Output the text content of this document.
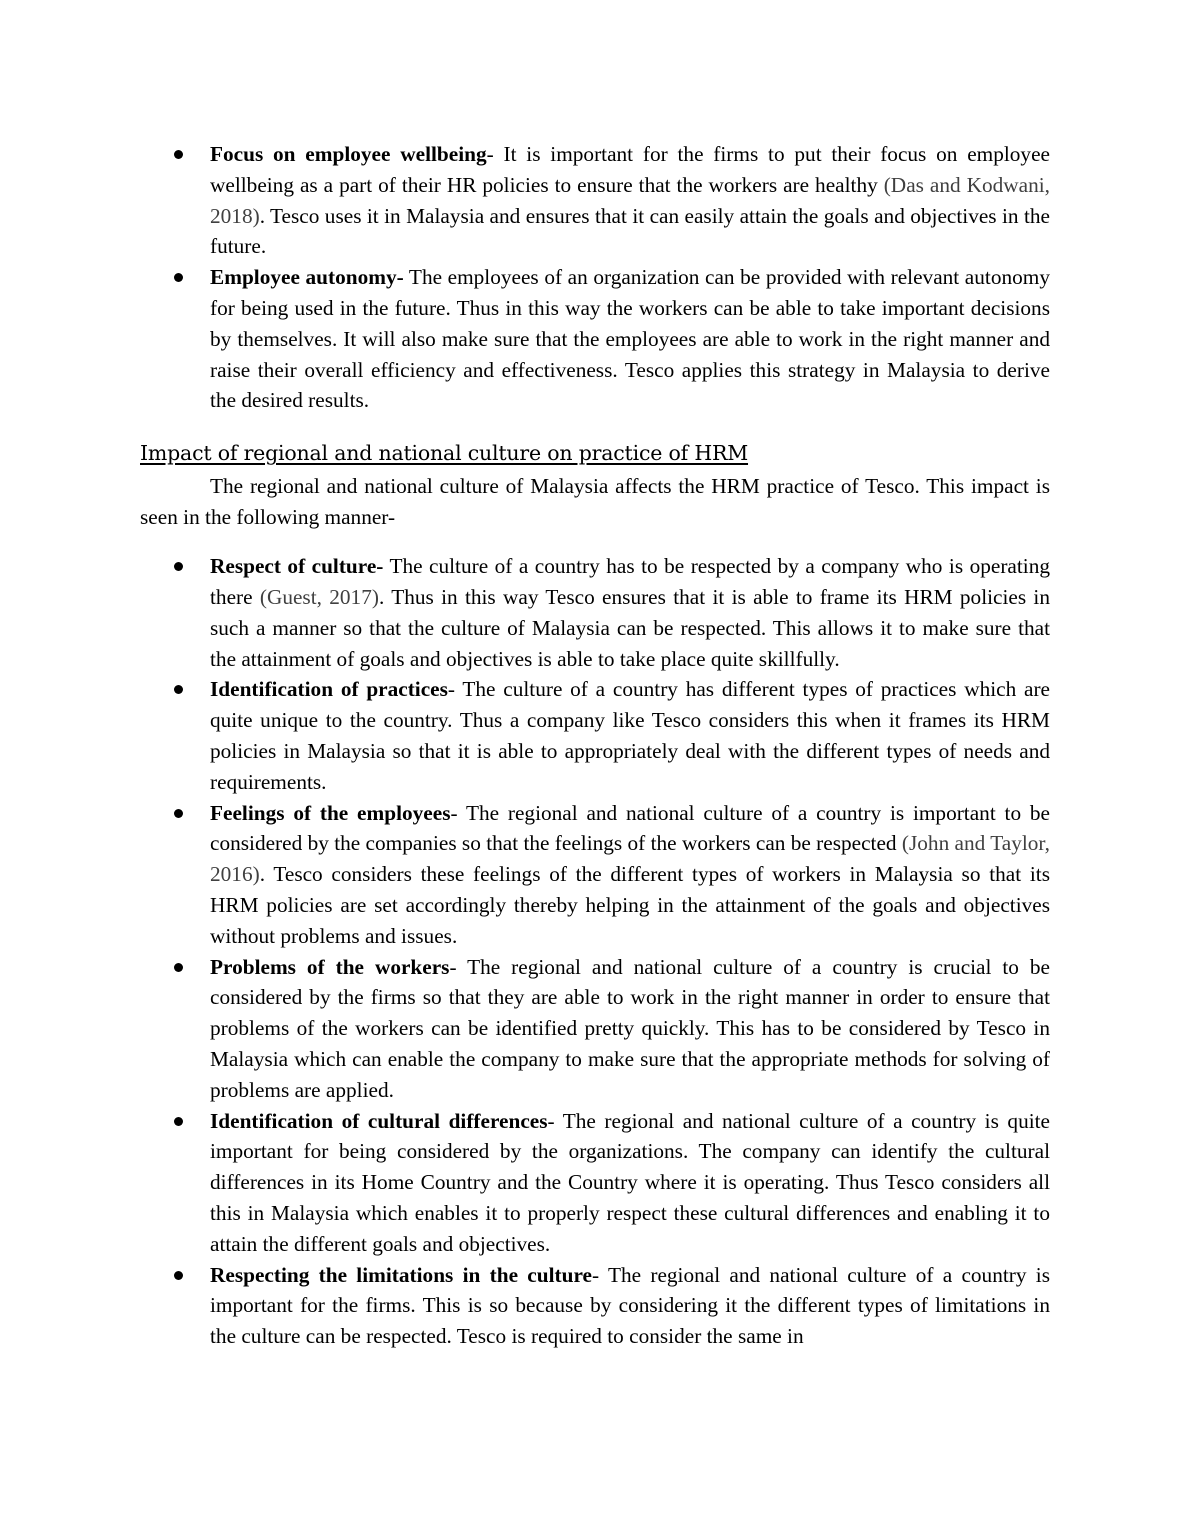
Focus on employee wellbeing- It is important for the firms to put their focus on employee wellbeing as a part of their HR policies to ensure that the workers are healthy (Das and Kodwani, 2018). Tesco uses it in Malaysia and ensures that it can easily attain the goals and objectives in the future.
Employee autonomy- The employees of an organization can be provided with relevant autonomy for being used in the future. Thus in this way the workers can be able to take important decisions by themselves. It will also make sure that the employees are able to work in the right manner and raise their overall efficiency and effectiveness. Tesco applies this strategy in Malaysia to derive the desired results.
Impact of regional and national culture on practice of HRM

The regional and national culture of Malaysia affects the HRM practice of Tesco. This impact is seen in the following manner-

Respect of culture- The culture of a country has to be respected by a company who is operating there (Guest, 2017). Thus in this way Tesco ensures that it is able to frame its HRM policies in such a manner so that the culture of Malaysia can be respected. This allows it to make sure that the attainment of goals and objectives is able to take place quite skillfully.
Identification of practices- The culture of a country has different types of practices which are quite unique to the country. Thus a company like Tesco considers this when it frames its HRM policies in Malaysia so that it is able to appropriately deal with the different types of needs and requirements.
Feelings of the employees- The regional and national culture of a country is important to be considered by the companies so that the feelings of the workers can be respected (John and Taylor, 2016). Tesco considers these feelings of the different types of workers in Malaysia so that its HRM policies are set accordingly thereby helping in the attainment of the goals and objectives without problems and issues.
Problems of the workers- The regional and national culture of a country is crucial to be considered by the firms so that they are able to work in the right manner in order to ensure that problems of the workers can be identified pretty quickly. This has to be considered by Tesco in Malaysia which can enable the company to make sure that the appropriate methods for solving of problems are applied.
Identification of cultural differences- The regional and national culture of a country is quite important for being considered by the organizations. The company can identify the cultural differences in its Home Country and the Country where it is operating. Thus Tesco considers all this in Malaysia which enables it to properly respect these cultural differences and enabling it to attain the different goals and objectives.
Respecting the limitations in the culture- The regional and national culture of a country is important for the firms. This is so because by considering it the different types of limitations in the culture can be respected. Tesco is required to consider the same in
